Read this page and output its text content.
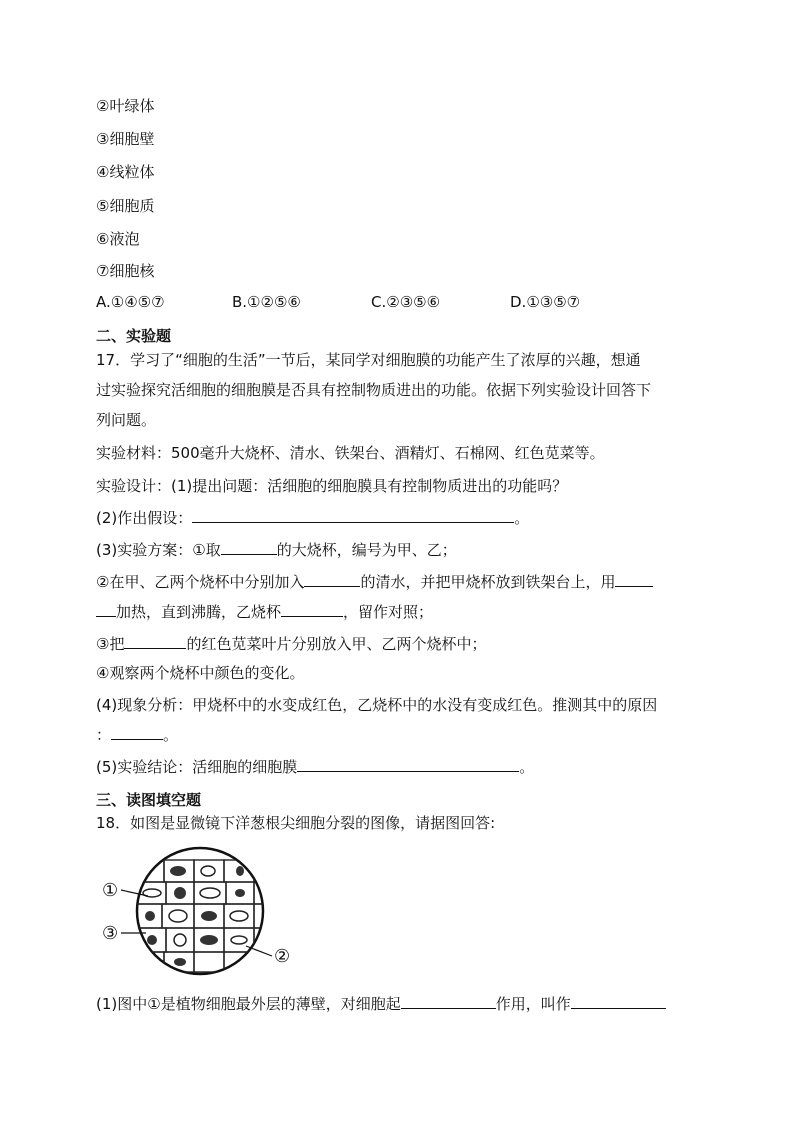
②叶绿体
③细胞壁
④线粒体
⑤细胞质
⑥液泡
⑦细胞核
A.①④⑤⑦	B.①②⑤⑥	C.②③⑤⑥	D.①③⑤⑦
二、实验题
17．学习了“细胞的生活”一节后，某同学对细胞膜的功能产生了浓厚的兴趣，想通
过实验探究活细胞的细胞膜是否具有控制物质进出的功能。依据下列实验设计回答下
列问题。
实验材料：500毫升大烧杯、清水、铁架台、酒精灯、石棉网、红色苋菜等。
实验设计：(1)提出问题：活细胞的细胞膜具有控制物质进出的功能吗？
(2)作出假设：	。
(3)实验方案：①取	的大烧杯，编号为甲、乙；
②在甲、乙两个烧杯中分别加入	的清水，并把甲烧杯放到铁架台上，用
加热，直到沸腾，乙烧杯	，留作对照；
③把	的红色苋菜叶片分别放入甲、乙两个烧杯中；
④观察两个烧杯中颜色的变化。
(4)现象分析：甲烧杯中的水变成红色，乙烧杯中的水没有变成红色。推测其中的原因
：	。
(5)实验结论：活细胞的细胞膜	。
三、读图填空题
18．如图是显微镜下洋葱根尖细胞分裂的图像，请据图回答:
①
③
②
(1)图中①是植物细胞最外层的薄壁，对细胞起	作用，叫作
